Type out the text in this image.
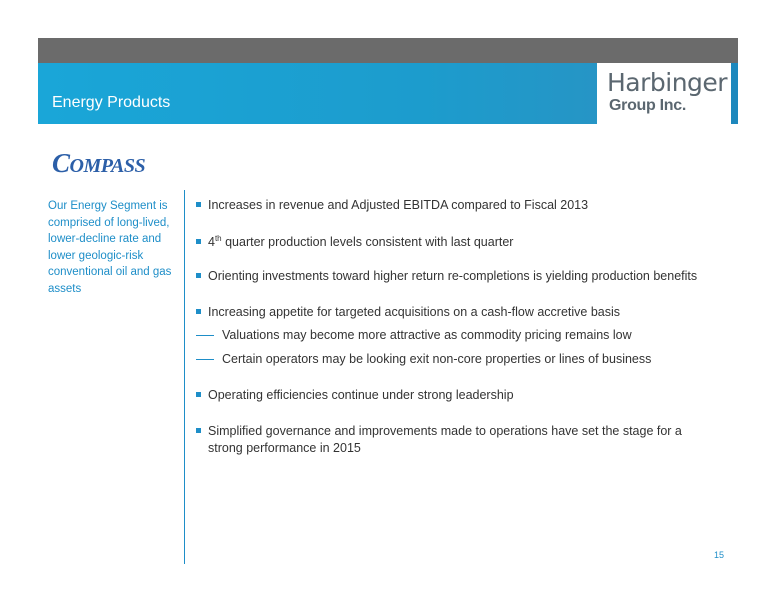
Energy Products
Harbinger
Group Inc.
COMPASS
Our Energy Segment is comprised of long-lived, lower-decline rate and lower geologic-risk conventional oil and gas assets
Increases in revenue and Adjusted EBITDA compared to Fiscal 2013
4th quarter production levels consistent with last quarter
Orienting investments toward higher return re-completions is yielding production benefits
Increasing appetite for targeted acquisitions on a cash-flow accretive basis
Valuations may become more attractive as commodity pricing remains low
Certain operators may be looking exit non-core properties or lines of business
Operating efficiencies continue under strong leadership
Simplified governance and improvements made to operations have set the stage for a strong performance in 2015
15
